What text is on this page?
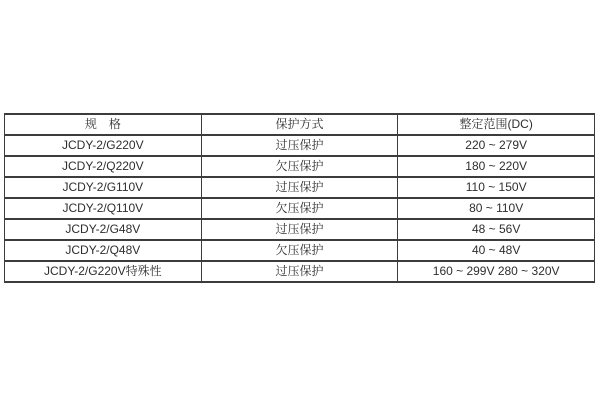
规　格	保护方式	整定范围(DC)
JCDY-2/G220V	过压保护	220 ~ 279V
JCDY-2/Q220V	欠压保护	180 ~ 220V
JCDY-2/G110V	过压保护	110 ~ 150V
JCDY-2/Q110V	欠压保护	80 ~ 110V
JCDY-2/G48V	过压保护	48 ~ 56V
JCDY-2/Q48V	欠压保护	40 ~ 48V
JCDY-2/G220V特殊性	过压保护	160 ~ 299V 280 ~ 320V
